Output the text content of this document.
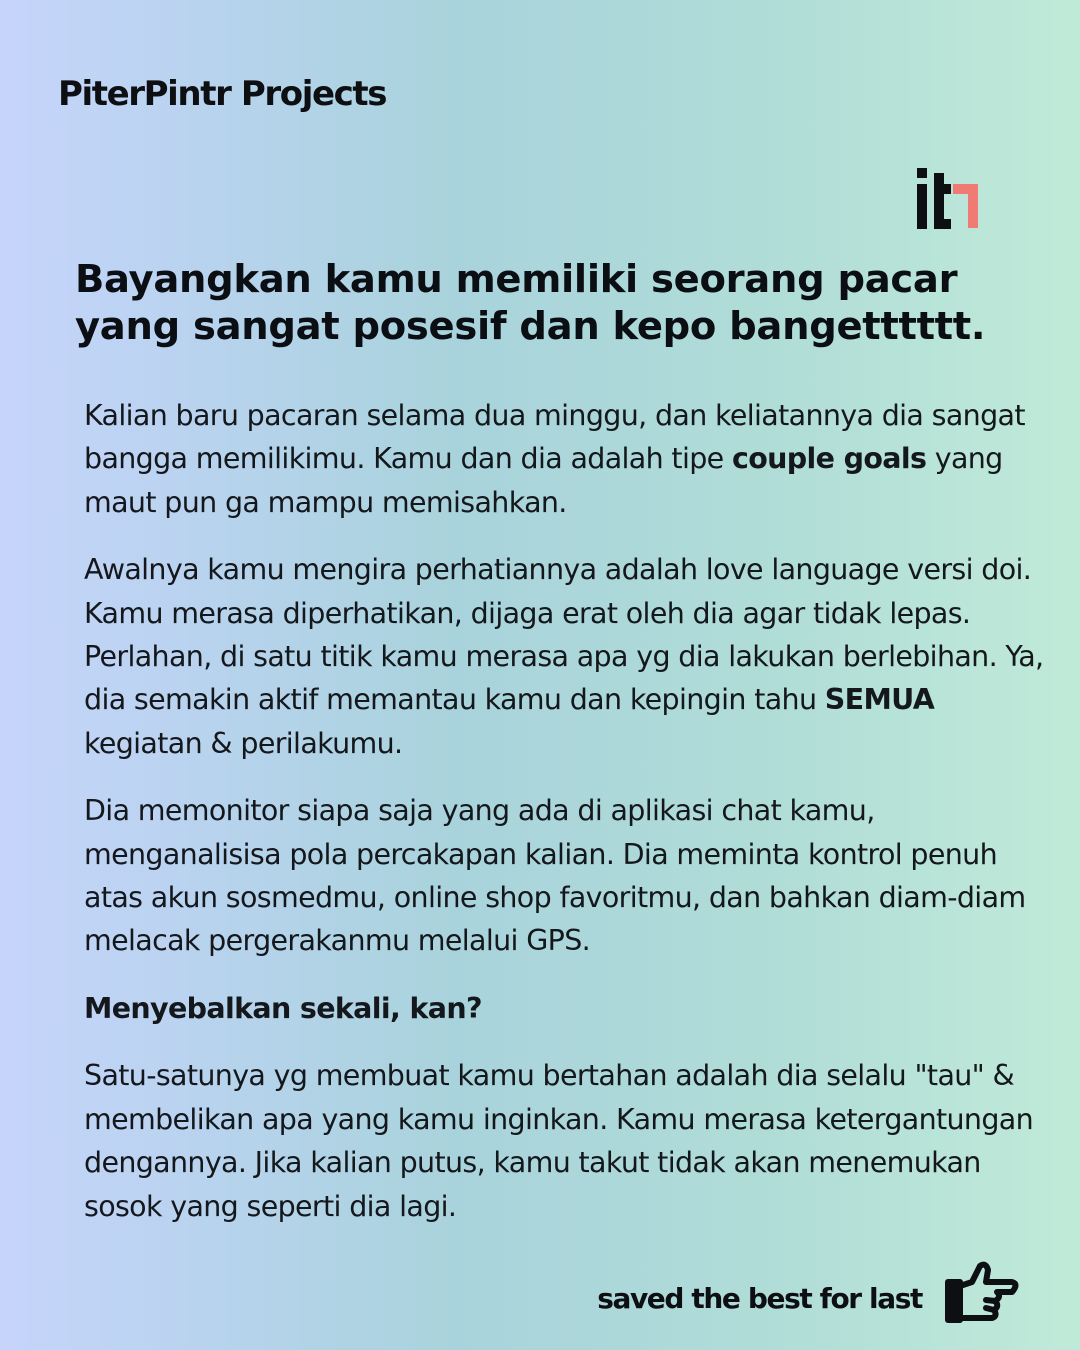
PiterPintr Projects
Bayangkan kamu memiliki seorang pacar
yang sangat posesif dan kepo bangetttttt.

Kalian baru pacaran selama dua minggu, dan keliatannya dia sangat bangga memilikimu. Kamu dan dia adalah tipe couple goals yang maut pun ga mampu memisahkan.

Awalnya kamu mengira perhatiannya adalah love language versi doi. Kamu merasa diperhatikan, dijaga erat oleh dia agar tidak lepas. Perlahan, di satu titik kamu merasa apa yg dia lakukan berlebihan. Ya, dia semakin aktif memantau kamu dan kepingin tahu SEMUA kegiatan & perilakumu.

Dia memonitor siapa saja yang ada di aplikasi chat kamu, menganalisisa pola percakapan kalian. Dia meminta kontrol penuh atas akun sosmedmu, online shop favoritmu, dan bahkan diam-diam melacak pergerakanmu melalui GPS.

Menyebalkan sekali, kan?

Satu-satunya yg membuat kamu bertahan adalah dia selalu "tau" & membelikan apa yang kamu inginkan. Kamu merasa ketergantungan dengannya. Jika kalian putus, kamu takut tidak akan menemukan sosok yang seperti dia lagi.

saved the best for last
